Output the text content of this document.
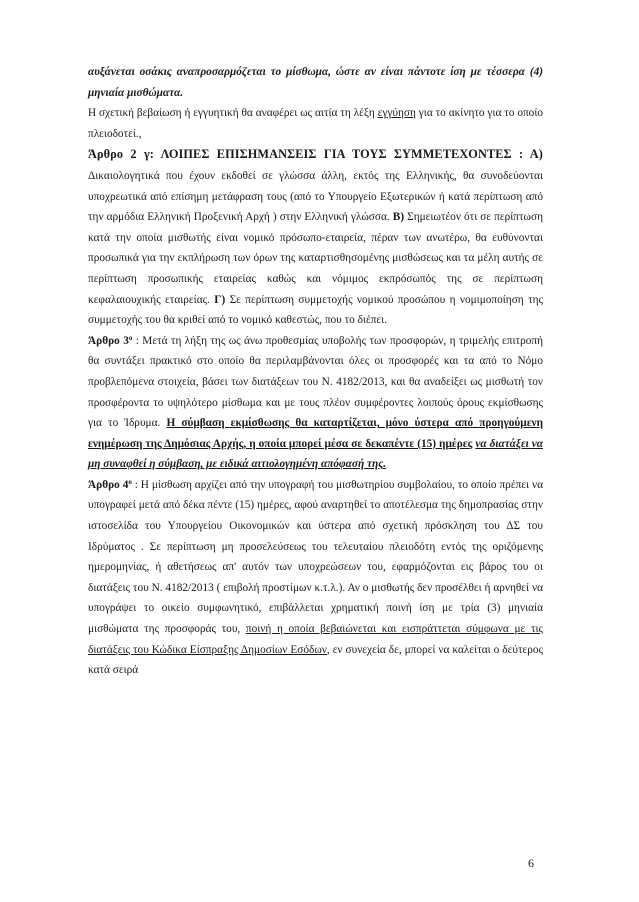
αυξάνεται οσάκις αναπροσαρμόζεται το μίσθωμα, ώστε αν είναι πάντοτε ίση με τέσσερα (4) μηνιαία μισθώματα.

Η σχετική βεβαίωση ή εγγυητική θα αναφέρει ως αιτία τη λέξη εγγύηση για το ακίνητο για το οποίο πλειοδοτεί.,

Άρθρο 2 γ: ΛΟΙΠΕΣ ΕΠΙΣΗΜΑΝΣΕΙΣ ΓΙΑ ΤΟΥΣ ΣΥΜΜΕΤΕΧΟΝΤΕΣ : Α) Δικαιολογητικά που έχουν εκδοθεί σε γλώσσα άλλη, εκτός της Ελληνικής, θα συνοδεύονται υποχρεωτικά από επίσημη μετάφραση τους (από το Υπουργείο Εξωτερικών ή κατά περίπτωση από την αρμόδια Ελληνική Προξενική Αρχή ) στην Ελληνική γλώσσα. Β) Σημειωτέον ότι σε περίπτωση κατά την οποία μισθωτής είναι νομικό πρόσωπο-εταιρεία, πέραν των ανωτέρω, θα ευθύνονται προσωπικά για την εκπλήρωση των όρων της καταρτισθησομένης μισθώσεως και τα μέλη αυτής σε περίπτωση προσωπικής εταιρείας καθώς και νόμιμος εκπρόσωπός της σε περίπτωση κεφαλαιουχικής εταιρείας. Γ) Σε περίπτωση συμμετοχής νομικού προσώπου η νομιμοποίηση της συμμετοχής του θα κριθεί από το νομικό καθεστώς, που το διέπει.

Άρθρο $3^o$ : Μετά τη λήξη της ως άνω προθεσμίας υποβολής των προσφορών, η τριμελής επιτροπή θα συντάξει πρακτικό στο οποίο θα περιλαμβάνονται όλες οι προσφορές και τα από το Νόμο προβλεπόμενα στοιχεία, βάσει των διατάξεων του Ν. 4182/2013, και θα αναδείξει ως μισθωτή τον προσφέροντα το υψηλότερο μίσθωμα και με τους πλέον συμφέροντες λοιπούς όρους εκμίσθωσης για το Ίδρυμα. Η σύμβαση εκμίσθωσης θα καταρτίζεται, μόνο ύστερα από προηγούμενη ενημέρωση της Δημόσιας Αρχής, η οποία μπορεί μέσα σε δεκαπέντε (15) ημέρες να διατάξει να μη συναφθεί η σύμβαση, με ειδικά αιτιολογημένη απόφασή της.

Άρθρο $4^o$ : Η μίσθωση αρχίζει από την υπογραφή του μισθωτηρίου συμβολαίου, το οποίο πρέπει να υπογραφεί μετά από δέκα πέντε (15) ημέρες, αφού αναρτηθεί το αποτέλεσμα της δημοπρασίας στην ιστοσελίδα του Υπουργείου Οικονομικών και ύστερα από σχετική πρόσκληση του ΔΣ του Ιδρύματος . Σε περίπτωση μη προσελεύσεως του τελευταίου πλειοδότη εντός της οριζόμενης ημερομηνίας, ή αθετήσεως απ' αυτόν των υποχρεώσεων του, εφαρμόζονται εις βάρος του οι διατάξεις του Ν. 4182/2013 ( επιβολή προστίμων κ.τ.λ.). Αν ο μισθωτής δεν προσέλθει ή αρνηθεί να υπογράψει το οικείο συμφωνητικό, επιβάλλεται χρηματική ποινή ίση με τρία (3) μηνιαία μισθώματα της προσφοράς του, ποινή η οποία βεβαιώνεται και εισπράττεται σύμφωνα με τις διατάξεις του Κώδικα Είσπραξης Δημοσίων Εσόδων, εν συνεχεία δε, μπορεί να καλείται ο δεύτερος κατά σειρά

6
